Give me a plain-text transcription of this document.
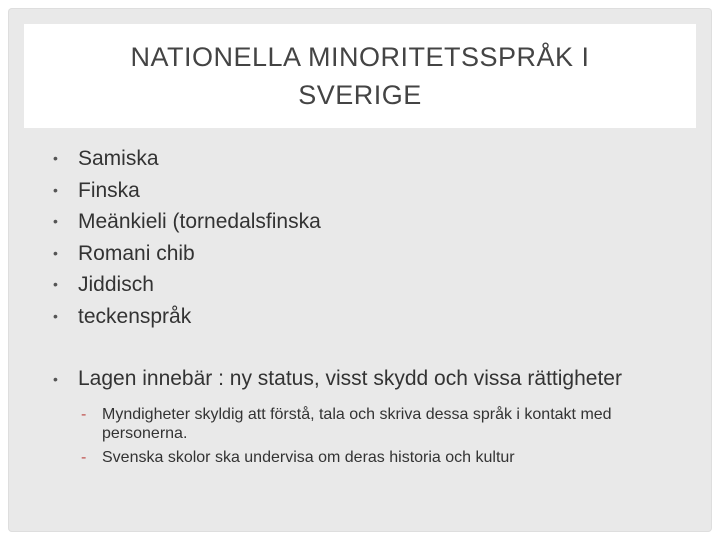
NATIONELLA MINORITETSSPRÅK I SVERIGE
• Samiska
• Finska
• Meänkieli (tornedalsfinska
• Romani chib
• Jiddisch
• teckenspråk
• Lagen innebär : ny status, visst skydd och vissa rättigheter
- Myndigheter skyldig att förstå, tala och skriva dessa språk i kontakt med personerna.
- Svenska skolor ska undervisa om deras historia och kultur
